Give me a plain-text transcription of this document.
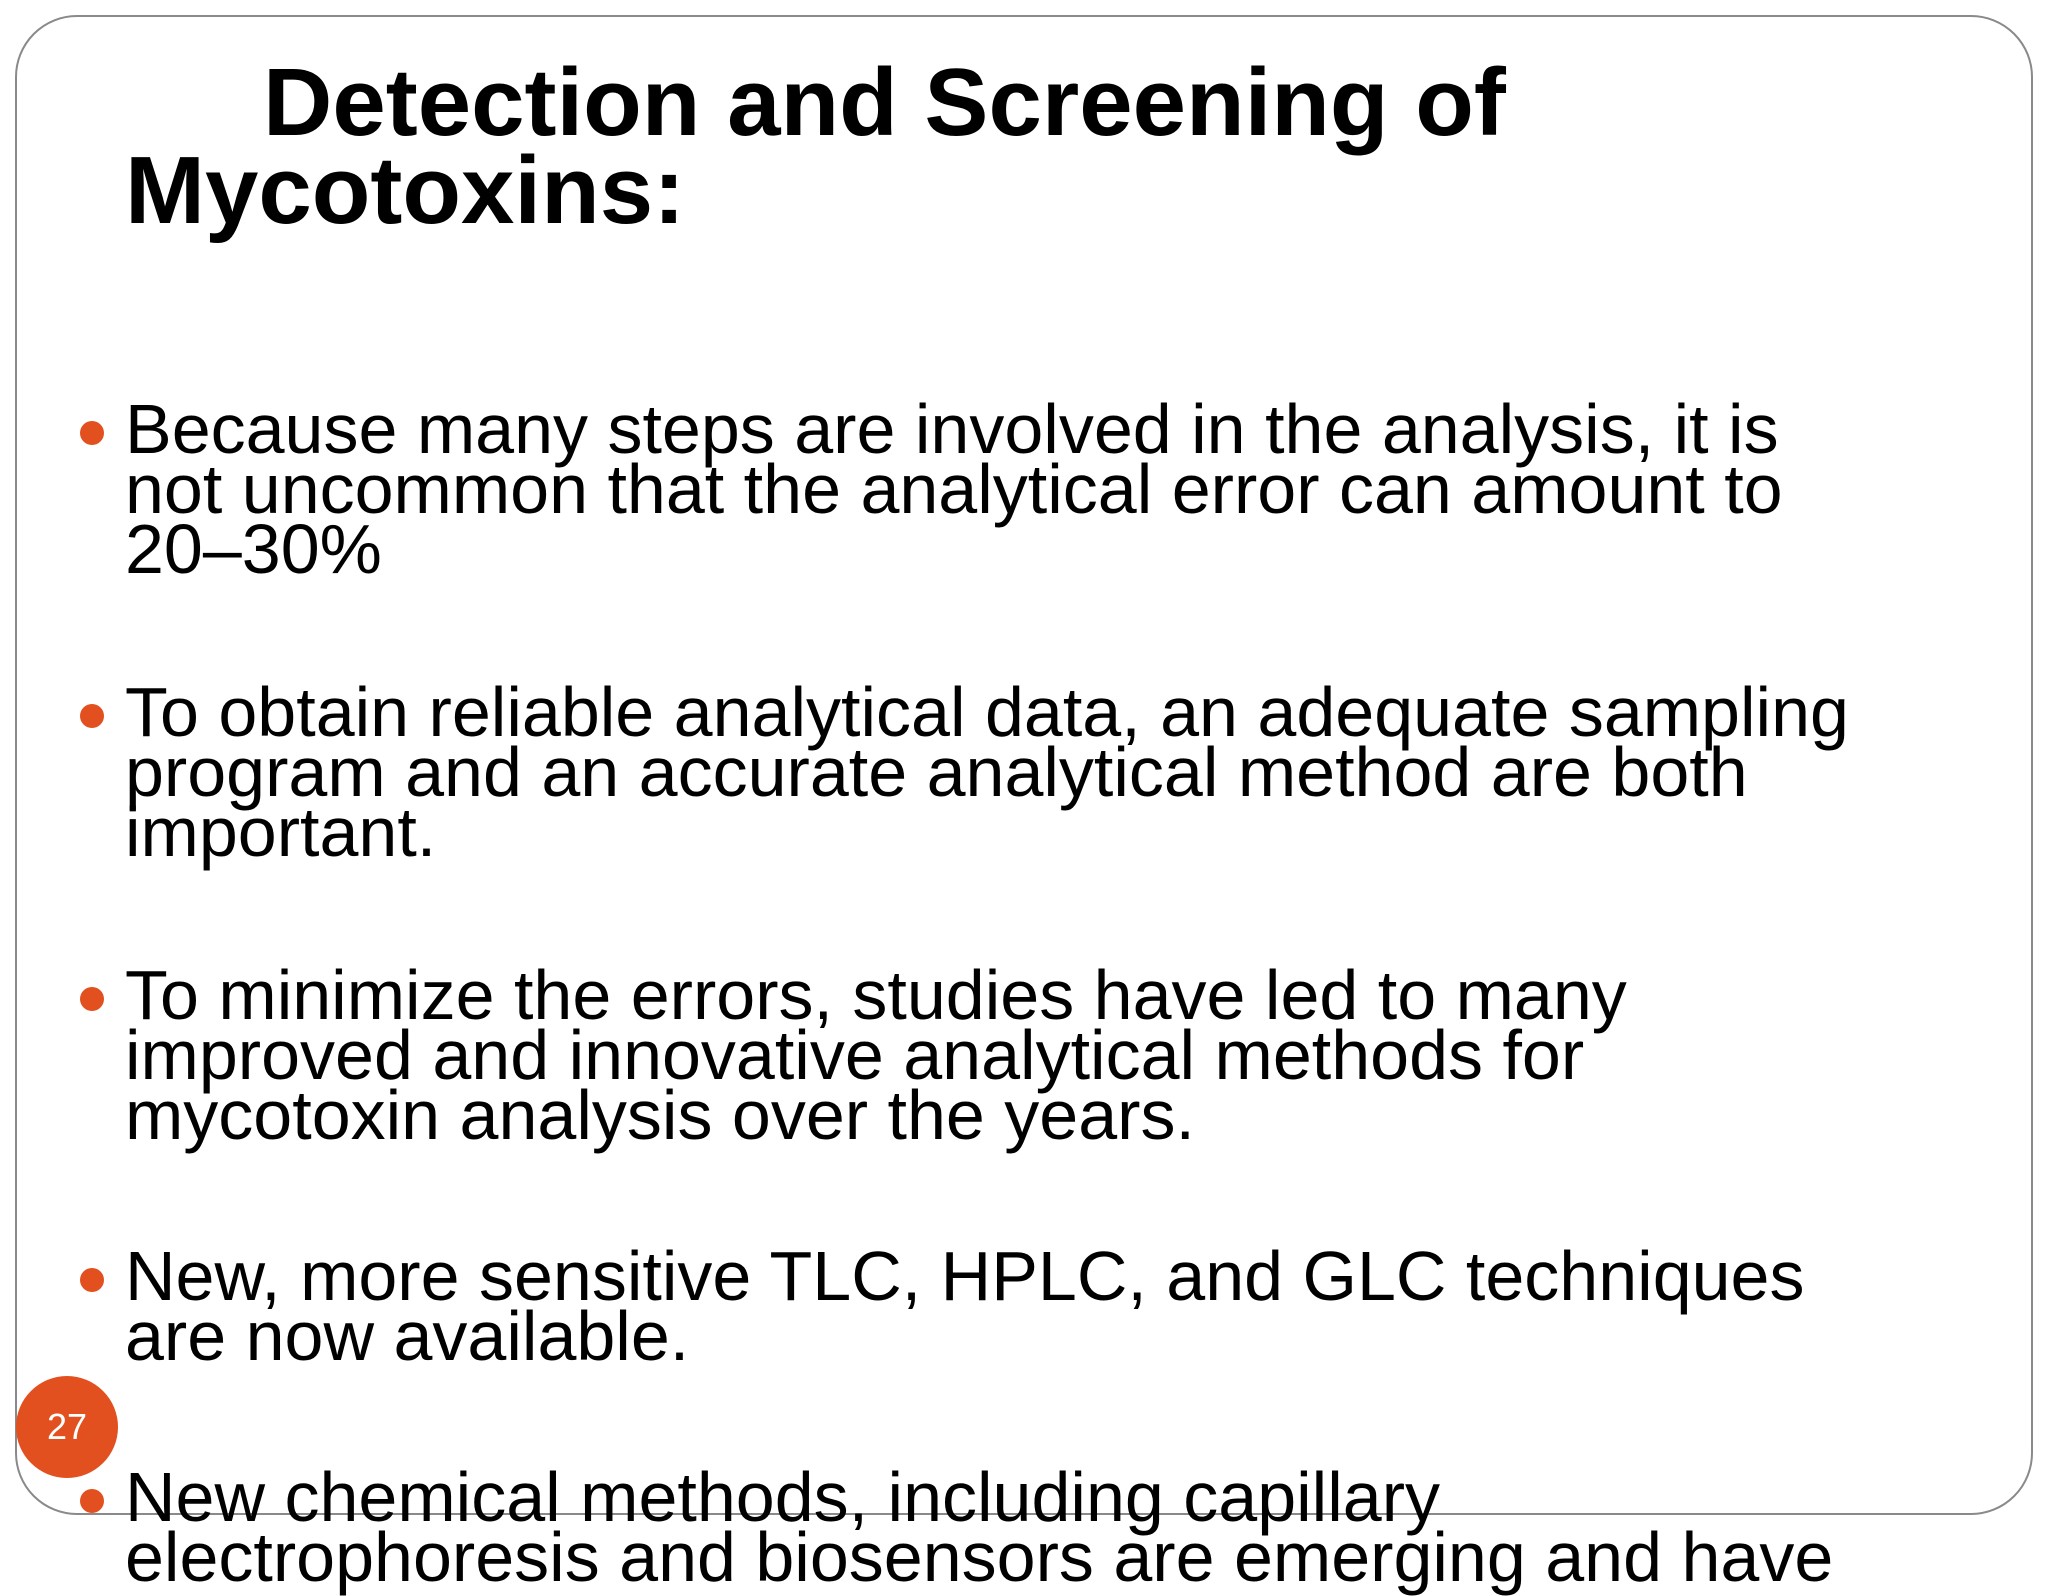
Detection and Screening of
Mycotoxins:
Because many steps are involved in the analysis, it is
not uncommon that the analytical error can amount to
20–30%
To obtain reliable analytical data, an adequate sampling
program and an accurate analytical method are both
important.
To minimize the errors, studies have led to many
improved and innovative analytical methods for
mycotoxin analysis over the years.
New, more sensitive TLC, HPLC, and GLC techniques
are now available.
New chemical methods, including capillary
electrophoresis and biosensors are emerging and have
27
